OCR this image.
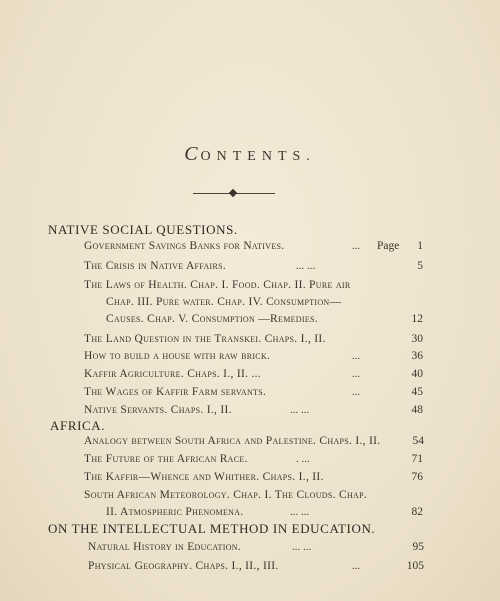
CONTENTS.
NATIVE SOCIAL QUESTIONS.
Government Savings Banks for Natives.	... Page	1
The Crisis in Native Affairs.	... ...	5
The Laws of Health. Chap. I. Food. Chap. II. Pure air
Chap. III. Pure water. Chap. IV. Consumption—
Causes. Chap. V. Consumption —Remedies.	12
The Land Question in the Transkei. Chaps. I., II.	30
How to build a house with raw brick.	...	36
Kaffir Agriculture. Chaps. I., II. ...	...	40
The Wages of Kaffir Farm servants.	...	45
Native Servants. Chaps. I., II.	... ...	48
AFRICA.
Analogy between South Africa and Palestine. Chaps. I., II.	54
The Future of the African Race.	. ...	71
The Kaffir—Whence and Whither. Chaps. I., II.	76
South African Meteorology. Chap. I. The Clouds. Chap.
II. Atmospheric Phenomena.	... ...	82
ON THE INTELLECTUAL METHOD IN EDUCATION.
Natural History in Education.	... ...	95
Physical Geography. Chaps. I., II., III.	...	105
